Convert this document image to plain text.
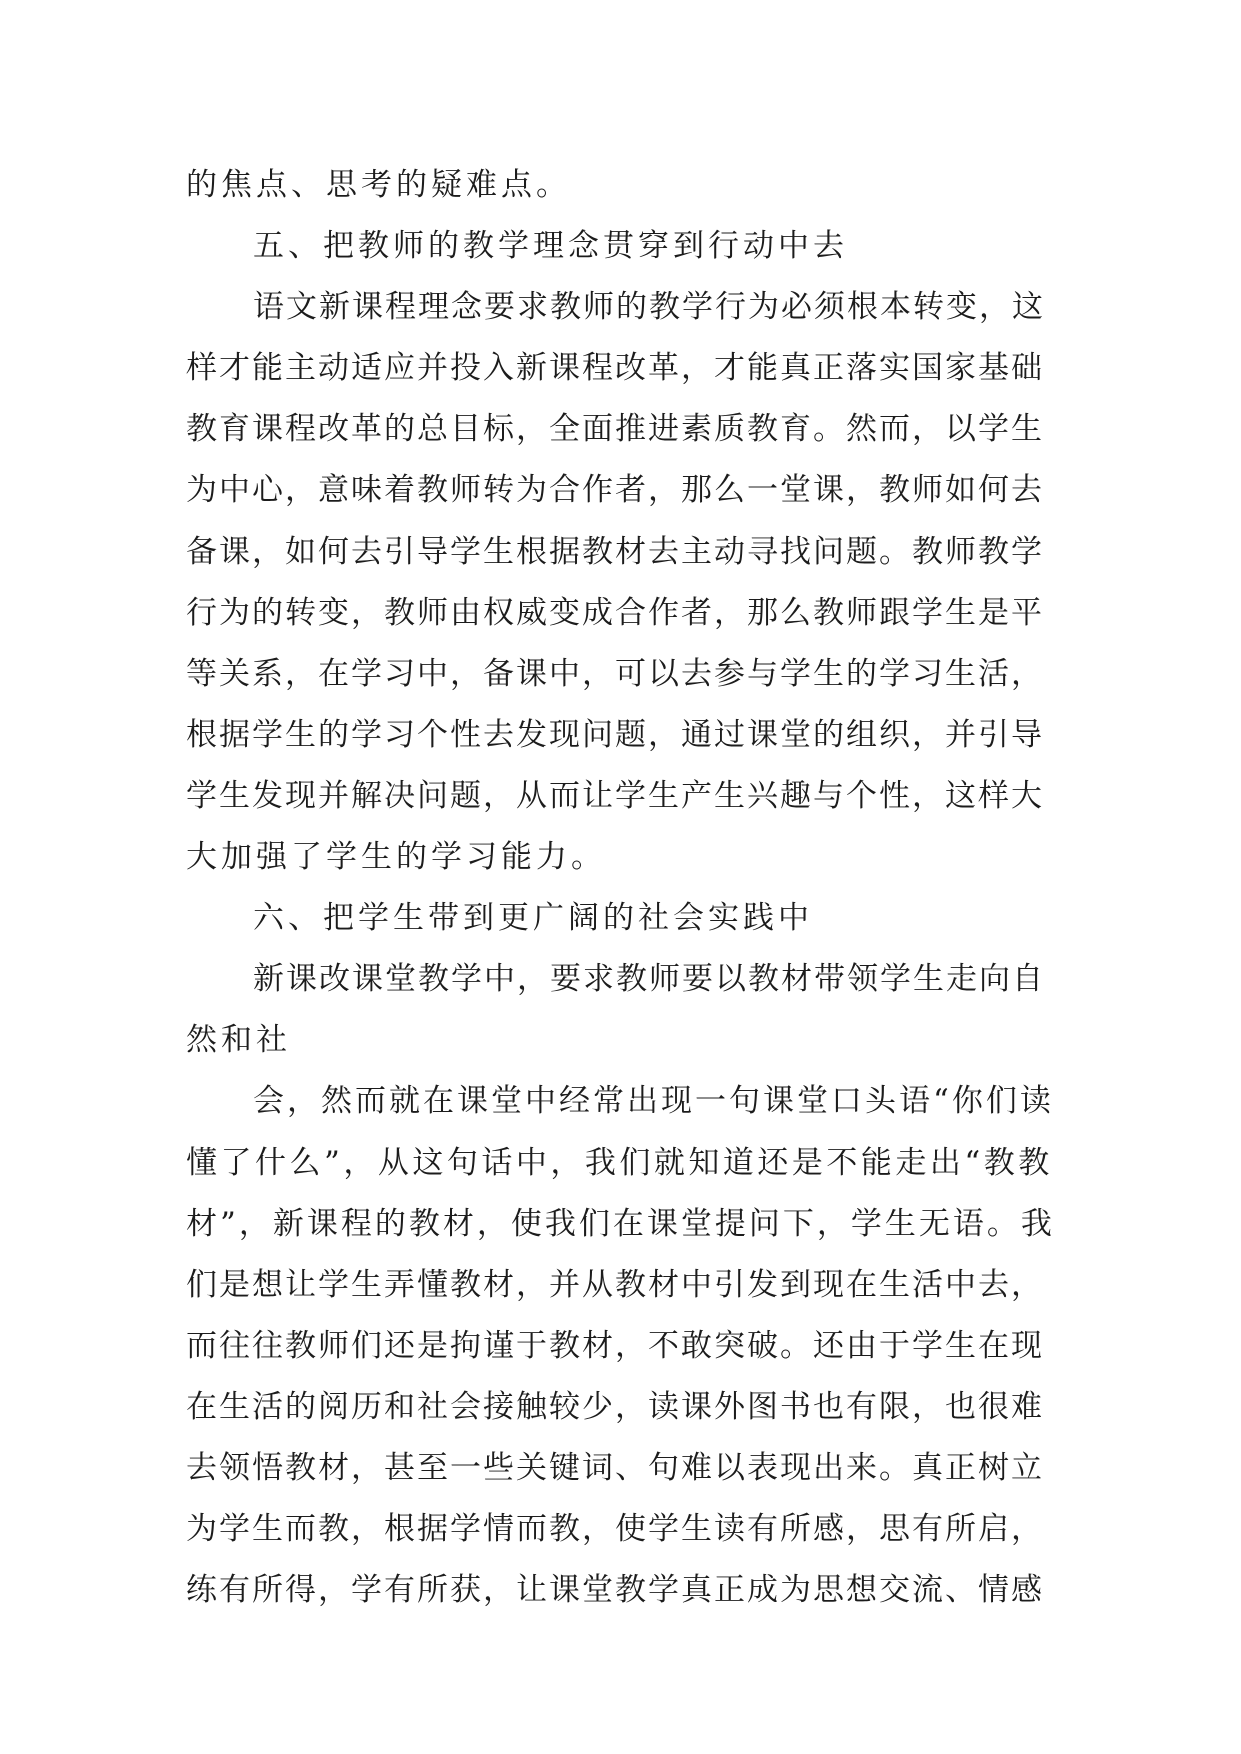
的焦点、思考的疑难点。
五、把教师的教学理念贯穿到行动中去
语文新课程理念要求教师的教学行为必须根本转变，这
样才能主动适应并投入新课程改革，才能真正落实国家基础
教育课程改革的总目标，全面推进素质教育。然而，以学生
为中心，意味着教师转为合作者，那么一堂课，教师如何去
备课，如何去引导学生根据教材去主动寻找问题。教师教学
行为的转变，教师由权威变成合作者，那么教师跟学生是平
等关系，在学习中，备课中，可以去参与学生的学习生活，
根据学生的学习个性去发现问题，通过课堂的组织，并引导
学生发现并解决问题，从而让学生产生兴趣与个性，这样大
大加强了学生的学习能力。
六、把学生带到更广阔的社会实践中
新课改课堂教学中，要求教师要以教材带领学生走向自
然和社
会，然而就在课堂中经常出现一句课堂口头语“你们读
懂了什么”，从这句话中，我们就知道还是不能走出“教教
材”，新课程的教材，使我们在课堂提问下，学生无语。我
们是想让学生弄懂教材，并从教材中引发到现在生活中去，
而往往教师们还是拘谨于教材，不敢突破。还由于学生在现
在生活的阅历和社会接触较少，读课外图书也有限，也很难
去领悟教材，甚至一些关键词、句难以表现出来。真正树立
为学生而教，根据学情而教，使学生读有所感，思有所启，
练有所得，学有所获，让课堂教学真正成为思想交流、情感
